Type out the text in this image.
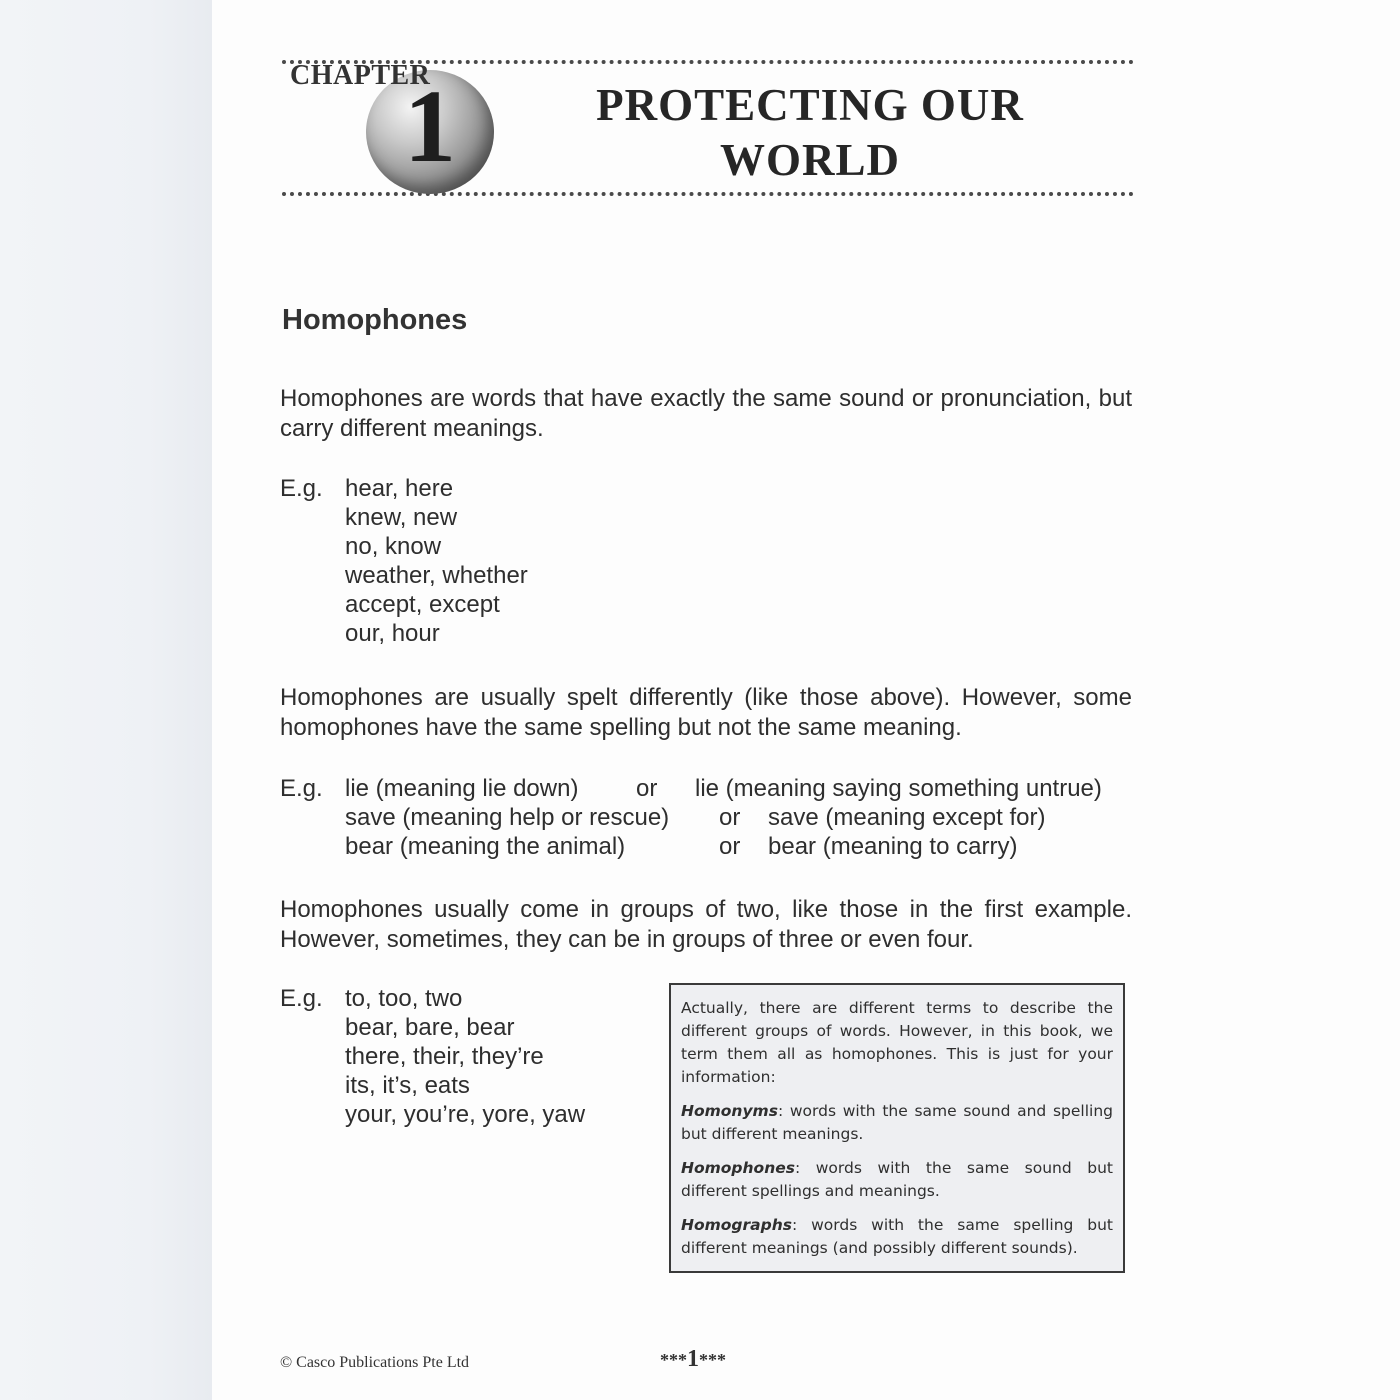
CHAPTER
1	PROTECTING OUR
WORLD
Homophones
Homophones are words that have exactly the same sound or pronunciation, but carry different meanings.
E.g. hear, here
knew, new
no, know
weather, whether
accept, except
our, hour
Homophones are usually spelt differently (like those above). However, some homophones have the same spelling but not the same meaning.
E.g. lie (meaning lie down) or lie (meaning saying something untrue)
save (meaning help or rescue) or save (meaning except for)
bear (meaning the animal)	or bear (meaning to carry)
Homophones usually come in groups of two, like those in the first example. However, sometimes, they can be in groups of three or even four.
E.g. to, too, two
bear, bare, bear
there, their, they’re
its, it’s, eats
your, you’re, yore, yaw

Actually, there are different terms to describe the different groups of words. However, in this book, we term them all as homophones. This is just for your information:

Homonyms: words with the same sound and spelling but different meanings.

Homophones: words with the same sound but different spellings and meanings.

Homographs: words with the same spelling but different meanings (and possibly different sounds).

© Casco Publications Pte Ltd	***1***
